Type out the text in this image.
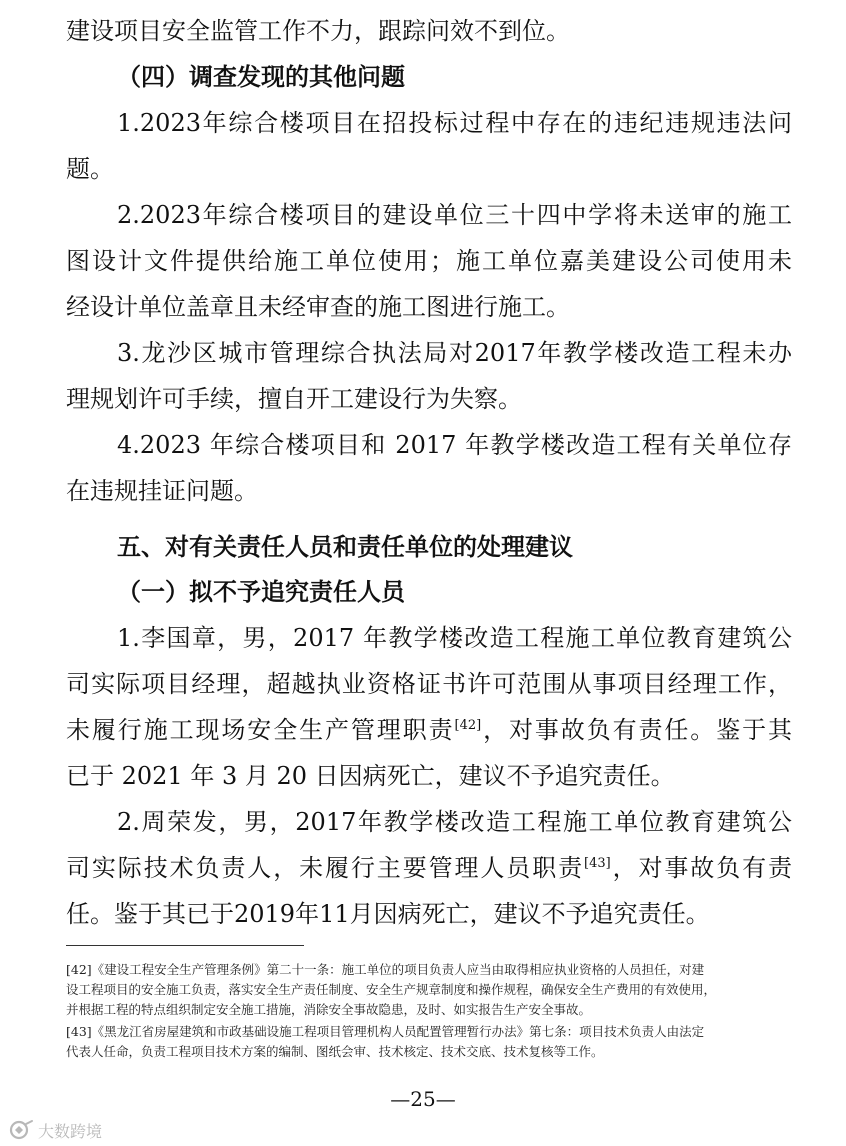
建设项目安全监管工作不力，跟踪问效不到位。

（四）调查发现的其他问题

1.2023年综合楼项目在招投标过程中存在的违纪违规违法问

题。

2.2023年综合楼项目的建设单位三十四中学将未送审的施工

图设计文件提供给施工单位使用；施工单位嘉美建设公司使用未

经设计单位盖章且未经审查的施工图进行施工。

3.龙沙区城市管理综合执法局对2017年教学楼改造工程未办

理规划许可手续，擅自开工建设行为失察。

4.2023 年综合楼项目和 2017 年教学楼改造工程有关单位存

在违规挂证问题。

五、对有关责任人员和责任单位的处理建议

（一）拟不予追究责任人员

1.李国章，男，2017 年教学楼改造工程施工单位教育建筑公

司实际项目经理，超越执业资格证书许可范围从事项目经理工作，

未履行施工现场安全生产管理职责[42]，对事故负有责任。鉴于其

已于 2021 年 3 月 20 日因病死亡，建议不予追究责任。

2.周荣发，男，2017年教学楼改造工程施工单位教育建筑公

司实际技术负责人，未履行主要管理人员职责[43]，对事故负有责

任。鉴于其已于2019年11月因病死亡，建议不予追究责任。

[42]《建设工程安全生产管理条例》第二十一条：施工单位的项目负责人应当由取得相应执业资格的人员担任，对建

设工程项目的安全施工负责，落实安全生产责任制度、安全生产规章制度和操作规程，确保安全生产费用的有效使用，

并根据工程的特点组织制定安全施工措施，消除安全事故隐患，及时、如实报告生产安全事故。

[43]《黑龙江省房屋建筑和市政基础设施工程项目管理机构人员配置管理暂行办法》第七条：项目技术负责人由法定

代表人任命，负责工程项目技术方案的编制、图纸会审、技术核定、技术交底、技术复核等工作。

—25—
大数跨境
